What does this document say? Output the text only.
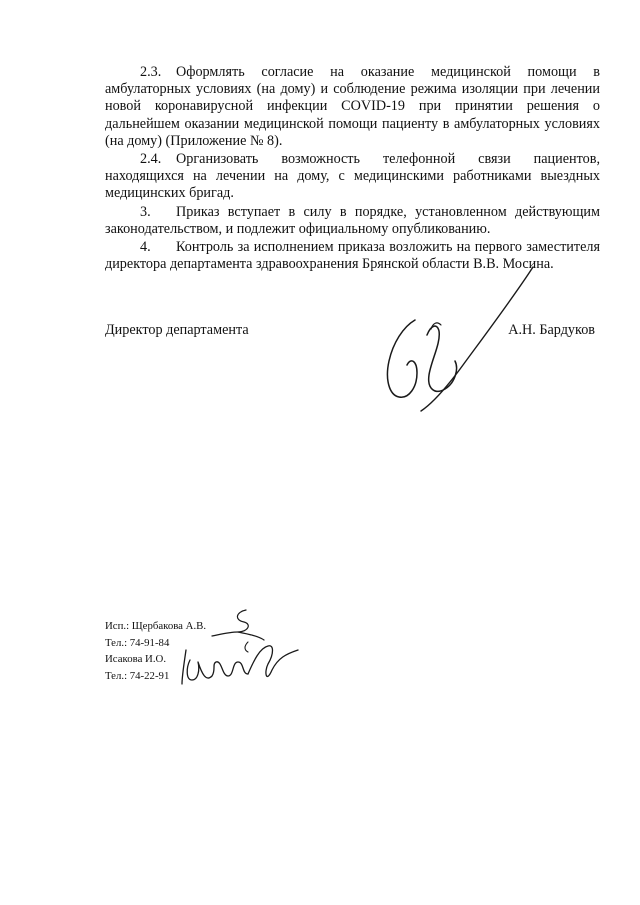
2.3. Оформлять согласие на оказание медицинской помощи в амбулаторных условиях (на дому) и соблюдение режима изоляции при лечении новой коронавирусной инфекции COVID-19 при принятии решения о дальнейшем оказании медицинской помощи пациенту в амбулаторных условиях (на дому) (Приложение № 8).

2.4. Организовать возможность телефонной связи пациентов, находящихся на лечении на дому, с медицинскими работниками выездных медицинских бригад.

3. Приказ вступает в силу в порядке, установленном действующим законодательством, и подлежит официальному опубликованию.

4. Контроль за исполнением приказа возложить на первого заместителя директора департамента здравоохранения Брянской области В.В. Мосина.

Директор департамента	А.Н. Бардуков
Исп.: Щербакова А.В.
Тел.: 74-91-84
Исакова И.О.
Тел.: 74-22-91
